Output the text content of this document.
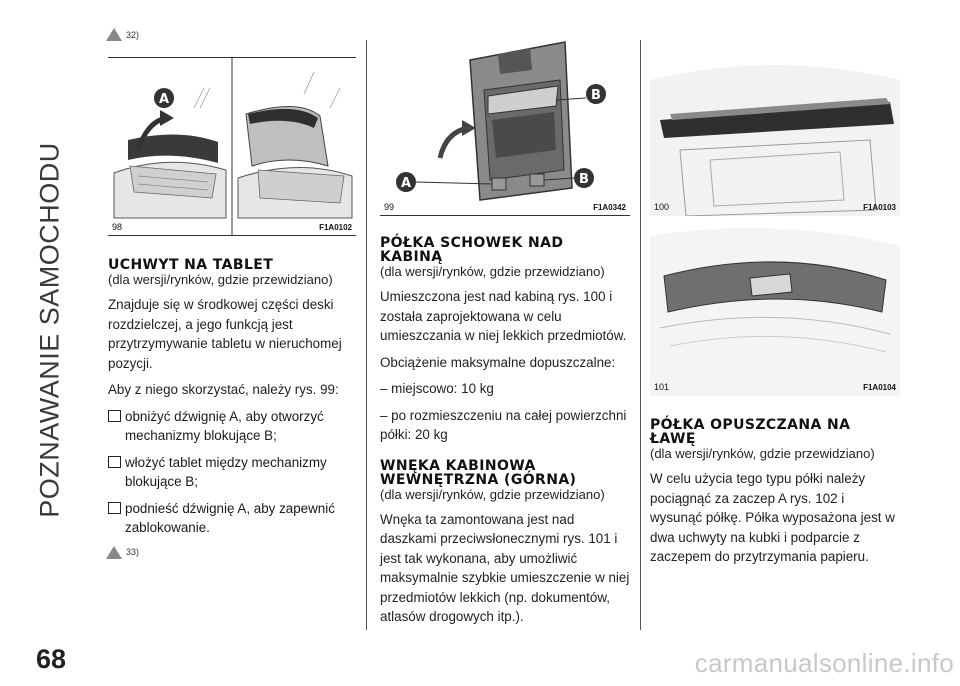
POZNAWANIE SAMOCHODU
68	carmanualsonline.info
32)
A
98	F1A0102
UCHWYT NA TABLET
(dla wersji/rynków, gdzie przewidziano)
Znajduje się w środkowej części deski rozdzielczej, a jego funkcją jest przytrzymywanie tabletu w nieruchomej pozycji.
Aby z niego skorzystać, należy rys. 99:
obniżyć dźwignię A, aby otworzyć mechanizmy blokujące B;
włożyć tablet między mechanizmy blokujące B;
podnieść dźwignię A, aby zapewnić zablokowanie.
33)
B
A	B
99	F1A0342
PÓŁKA SCHOWEK NAD KABINĄ
(dla wersji/rynków, gdzie przewidziano)
Umieszczona jest nad kabiną rys. 100 i została zaprojektowana w celu umieszczania w niej lekkich przedmiotów.
Obciążenie maksymalne dopuszczalne:
– miejscowo: 10 kg
– po rozmieszczeniu na całej powierzchni półki: 20 kg
WNĘKA KABINOWA WEWNĘTRZNA (GÓRNA)
(dla wersji/rynków, gdzie przewidziano)
Wnęka ta zamontowana jest nad daszkami przeciwsłonecznymi rys. 101 i jest tak wykonana, aby umożliwić maksymalnie szybkie umieszczenie w niej przedmiotów lekkich (np. dokumentów, atlasów drogowych itp.).
100	F1A0103
101	F1A0104
PÓŁKA OPUSZCZANA NA ŁAWĘ
(dla wersji/rynków, gdzie przewidziano)
W celu użycia tego typu półki należy pociągnąć za zaczep A rys. 102 i wysunąć półkę. Półka wyposażona jest w dwa uchwyty na kubki i podparcie z zaczepem do przytrzymania papieru.
